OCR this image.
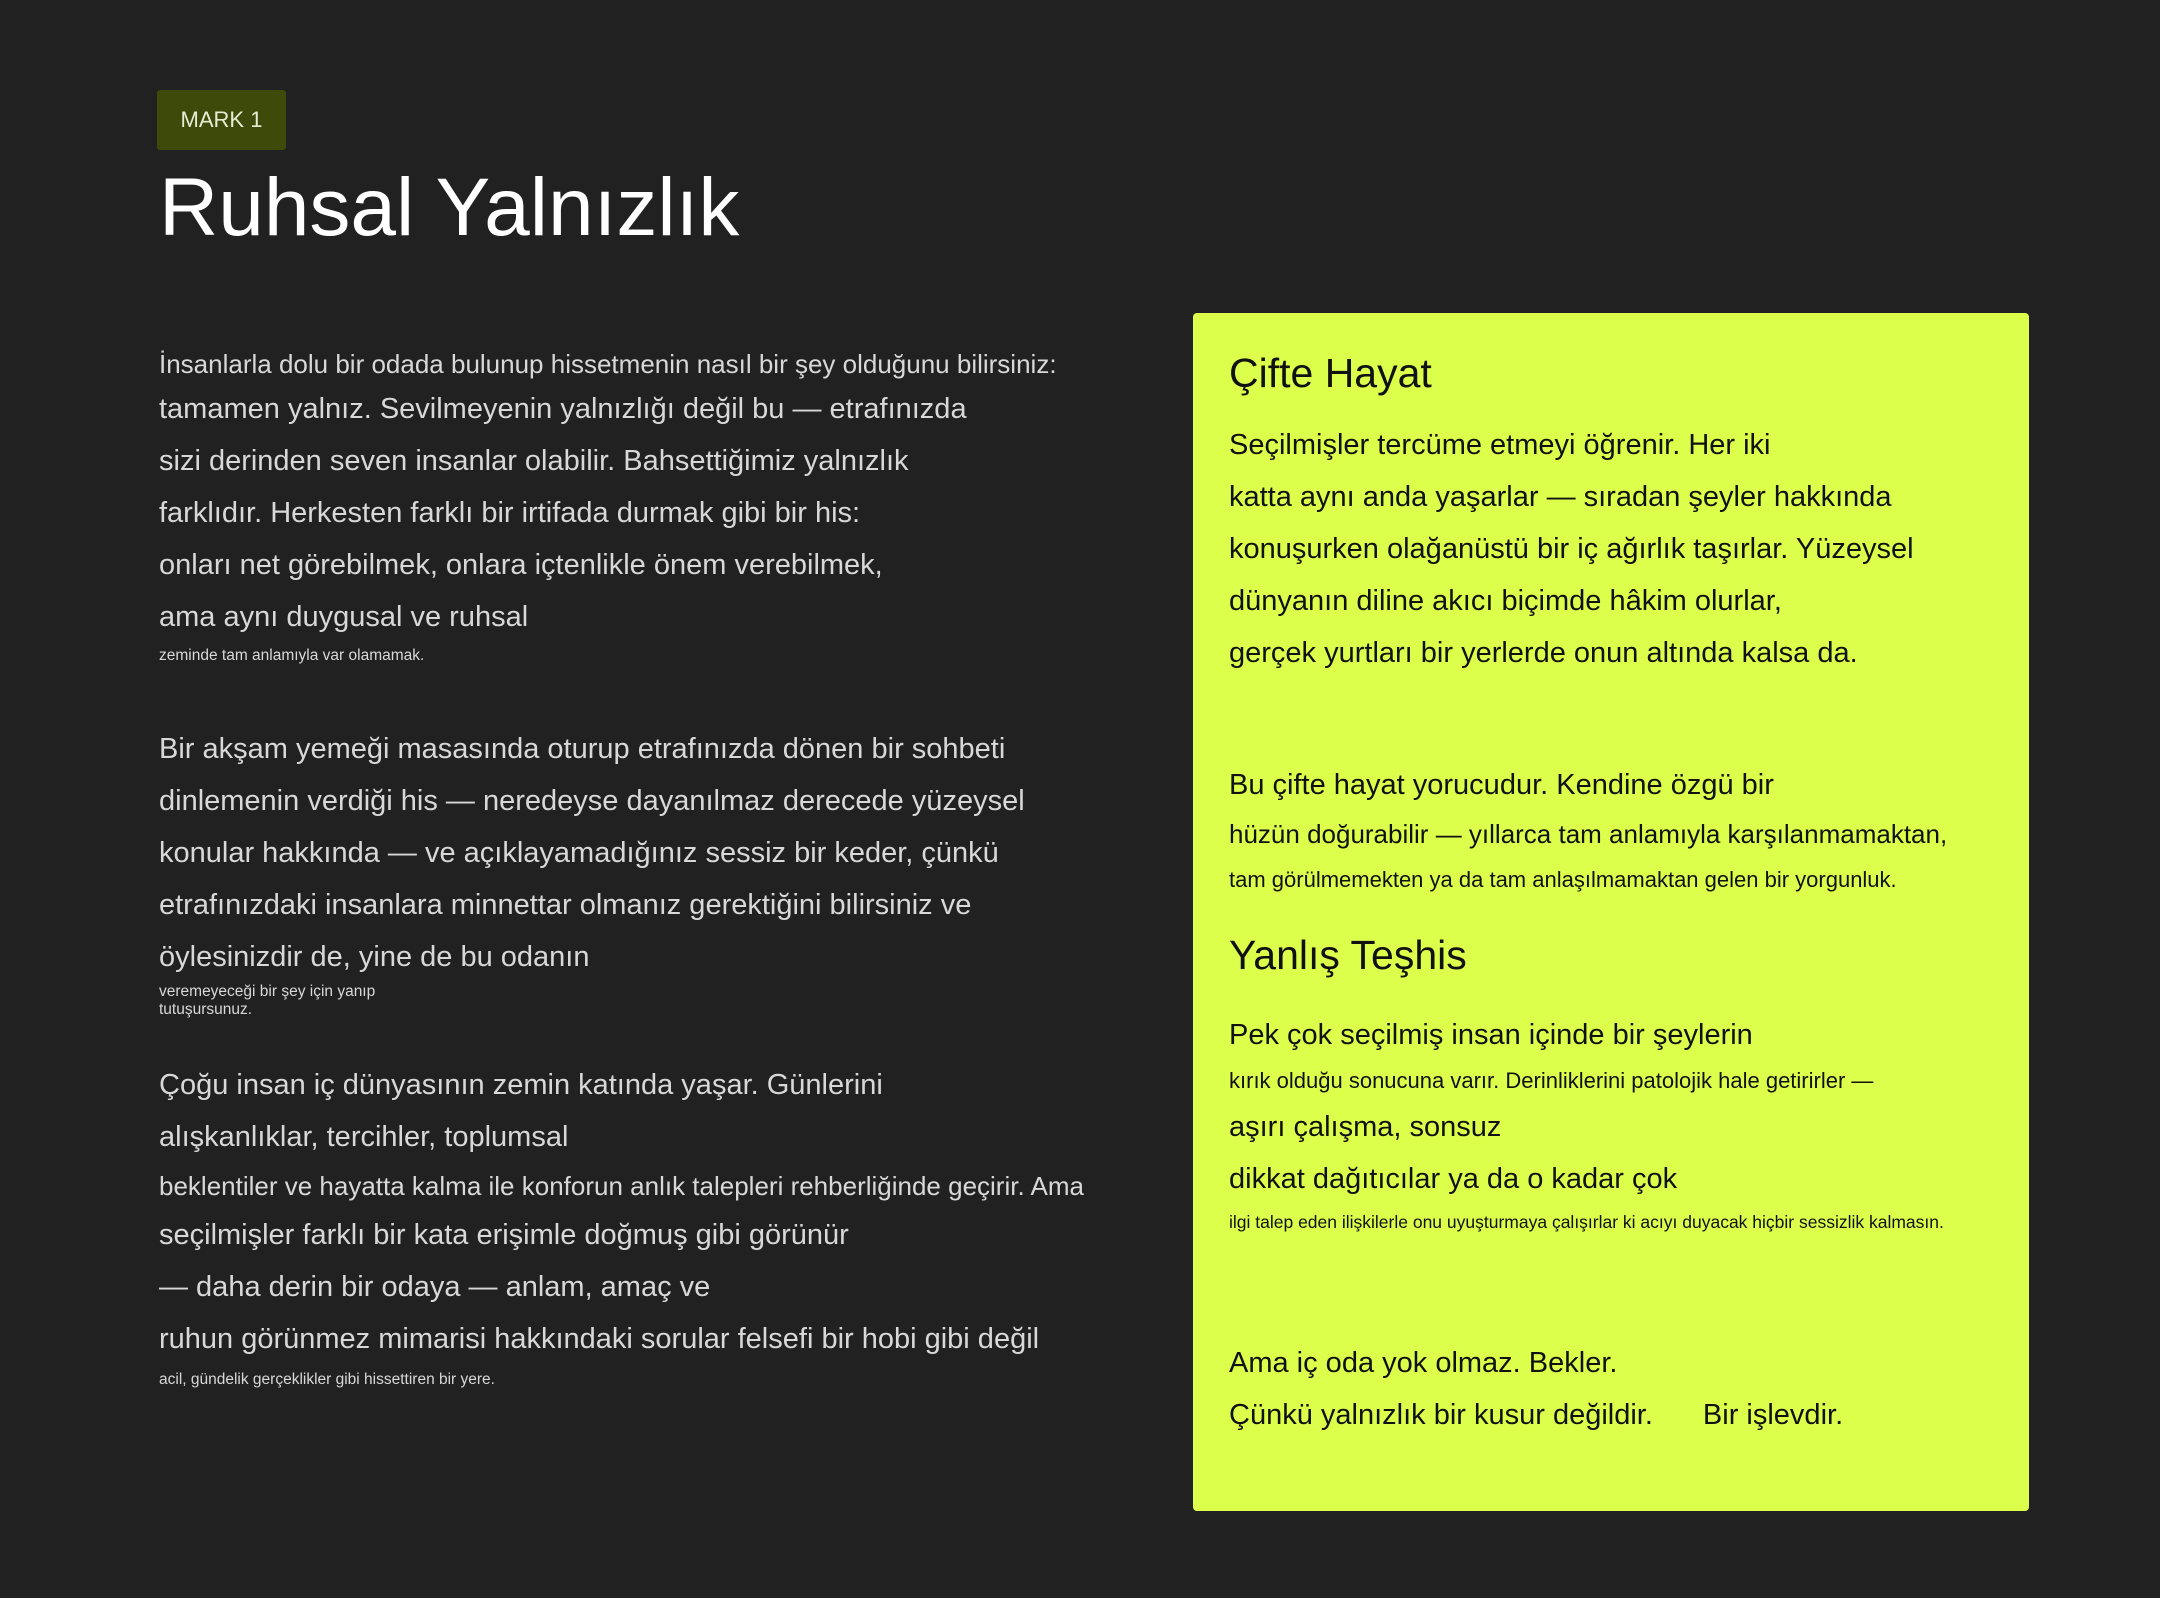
MARK 1
Ruhsal Yalnızlık
İnsanlarla dolu bir odada bulunup hissetmenin nasıl bir şey olduğunu bilirsiniz:
tamamen yalnız. Sevilmeyenin yalnızlığı değil bu — etrafınızda
sizi derinden seven insanlar olabilir. Bahsettiğimiz yalnızlık
farklıdır. Herkesten farklı bir irtifada durmak gibi bir his:
onları net görebilmek, onlara içtenlikle önem verebilmek,
ama aynı duygusal ve ruhsal
zeminde tam anlamıyla var olamamak.
Bir akşam yemeği masasında oturup etrafınızda dönen bir sohbeti
dinlemenin verdiği his — neredeyse dayanılmaz derecede yüzeysel
konular hakkında — ve açıklayamadığınız sessiz bir keder, çünkü
etrafınızdaki insanlara minnettar olmanız gerektiğini bilirsiniz ve
öylesinizdir de, yine de bu odanın
veremeyeceği bir şey için yanıp
tutuşursunuz.
Çoğu insan iç dünyasının zemin katında yaşar. Günlerini
alışkanlıklar, tercihler, toplumsal
beklentiler ve hayatta kalma ile konforun anlık talepleri rehberliğinde geçirir. Ama
seçilmişler farklı bir kata erişimle doğmuş gibi görünür
— daha derin bir odaya — anlam, amaç ve
ruhun görünmez mimarisi hakkındaki sorular felsefi bir hobi gibi değil
acil, gündelik gerçeklikler gibi hissettiren bir yere.
Çifte Hayat
Seçilmişler tercüme etmeyi öğrenir. Her iki
katta aynı anda yaşarlar — sıradan şeyler hakkında
konuşurken olağanüstü bir iç ağırlık taşırlar. Yüzeysel
dünyanın diline akıcı biçimde hâkim olurlar,
gerçek yurtları bir yerlerde onun altında kalsa da.
Bu çifte hayat yorucudur. Kendine özgü bir
hüzün doğurabilir — yıllarca tam anlamıyla karşılanmamaktan,
tam görülmemekten ya da tam anlaşılmamaktan gelen bir yorgunluk.
Yanlış Teşhis
Pek çok seçilmiş insan içinde bir şeylerin
kırık olduğu sonucuna varır. Derinliklerini patolojik hale getirirler —
aşırı çalışma, sonsuz
dikkat dağıtıcılar ya da o kadar çok
ilgi talep eden ilişkilerle onu uyuşturmaya çalışırlar ki acıyı duyacak hiçbir sessizlik kalmasın.
Ama iç oda yok olmaz. Bekler.
Çünkü yalnızlık bir kusur değildir. Bir işlevdir.
